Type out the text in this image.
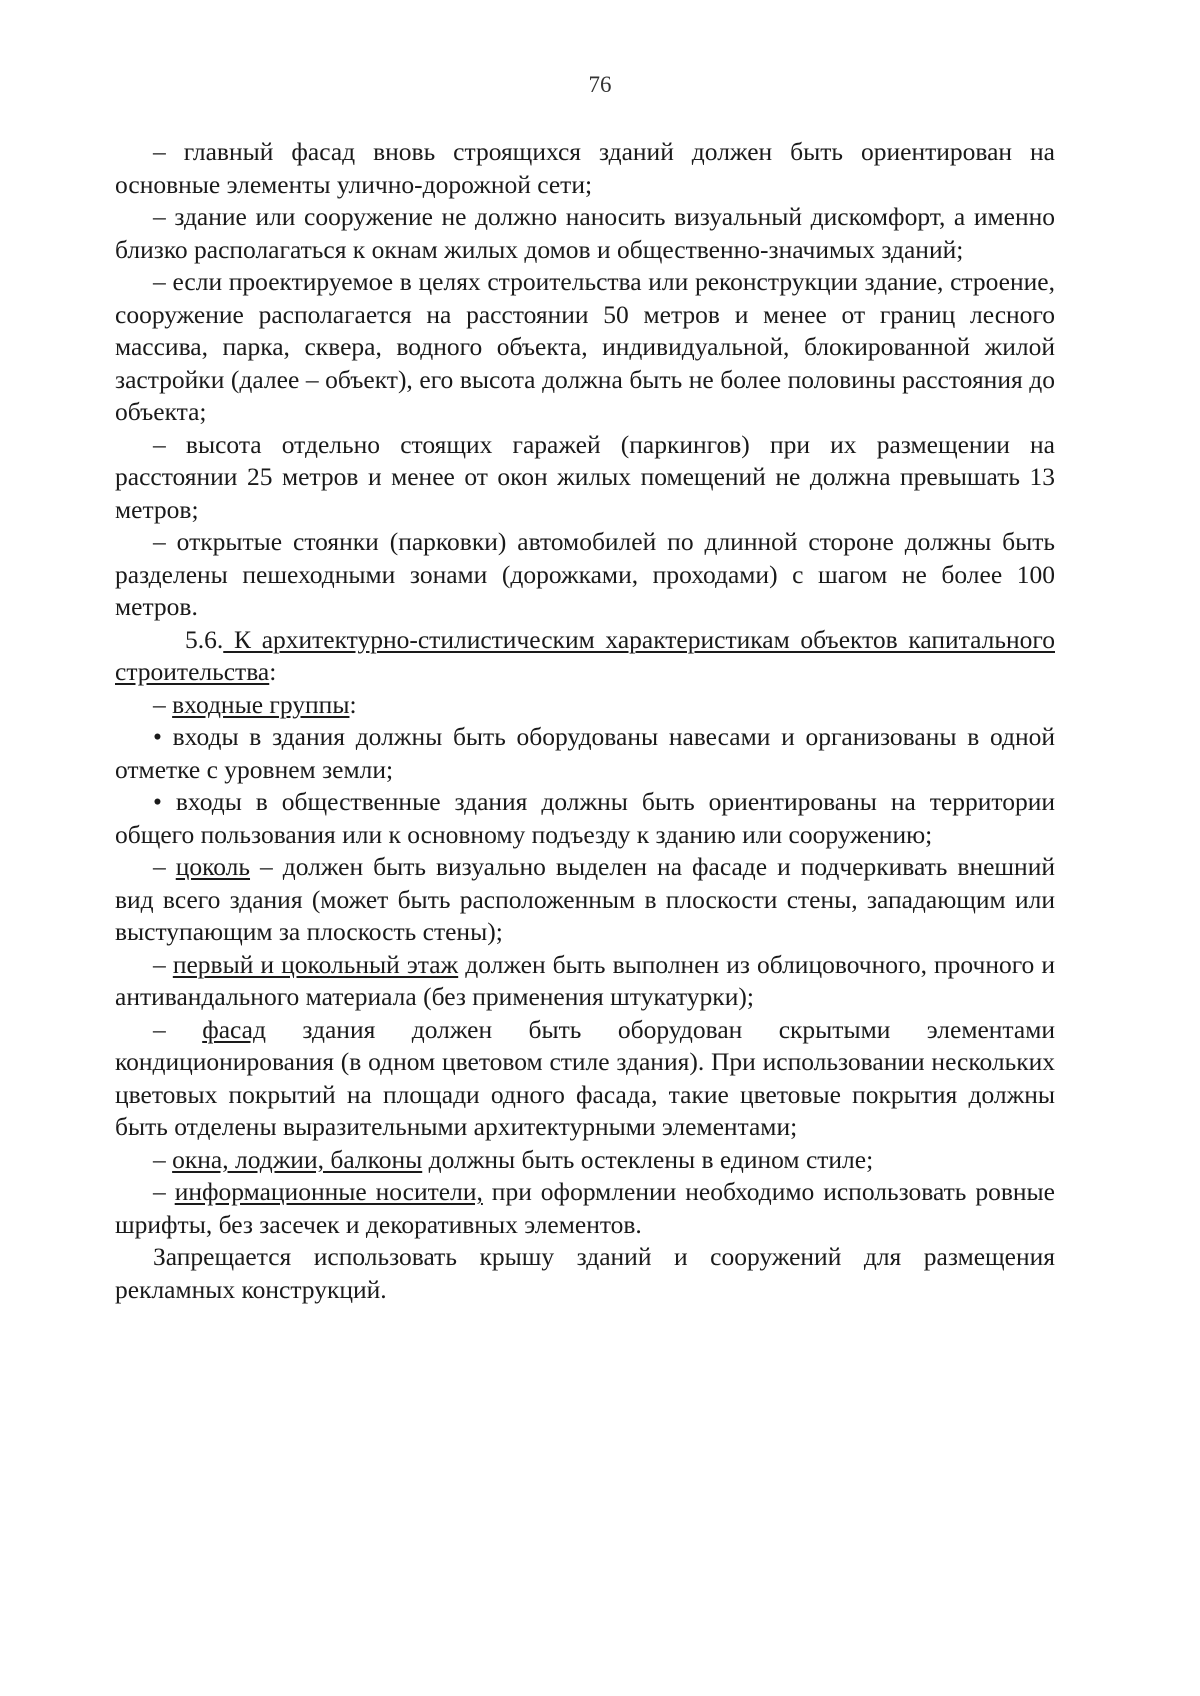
76

– главный фасад вновь строящихся зданий должен быть ориентирован на основные элементы улично-дорожной сети;

– здание или сооружение не должно наносить визуальный дискомфорт, а именно близко располагаться к окнам жилых домов и общественно-значимых зданий;

– если проектируемое в целях строительства или реконструкции здание, строение, сооружение располагается на расстоянии 50 метров и менее от границ лесного массива, парка, сквера, водного объекта, индивидуальной, блокированной жилой застройки (далее – объект), его высота должна быть не более половины расстояния до объекта;

– высота отдельно стоящих гаражей (паркингов) при их размещении на расстоянии 25 метров и менее от окон жилых помещений не должна превышать 13 метров;

– открытые стоянки (парковки) автомобилей по длинной стороне должны быть разделены пешеходными зонами (дорожками, проходами) с шагом не более 100 метров.

5.6. К архитектурно-стилистическим характеристикам объектов капитального строительства:

– входные группы:

• входы в здания должны быть оборудованы навесами и организованы в одной отметке с уровнем земли;

• входы в общественные здания должны быть ориентированы на территории общего пользования или к основному подъезду к зданию или сооружению;

– цоколь – должен быть визуально выделен на фасаде и подчеркивать внешний вид всего здания (может быть расположенным в плоскости стены, западающим или выступающим за плоскость стены);

– первый и цокольный этаж должен быть выполнен из облицовочного, прочного и антивандального материала (без применения штукатурки);

– фасад здания должен быть оборудован скрытыми элементами кондиционирования (в одном цветовом стиле здания). При использовании нескольких цветовых покрытий на площади одного фасада, такие цветовые покрытия должны быть отделены выразительными архитектурными элементами;

– окна, лоджии, балконы должны быть остеклены в едином стиле;

– информационные носители, при оформлении необходимо использовать ровные шрифты, без засечек и декоративных элементов.

Запрещается использовать крышу зданий и сооружений для размещения рекламных конструкций.
